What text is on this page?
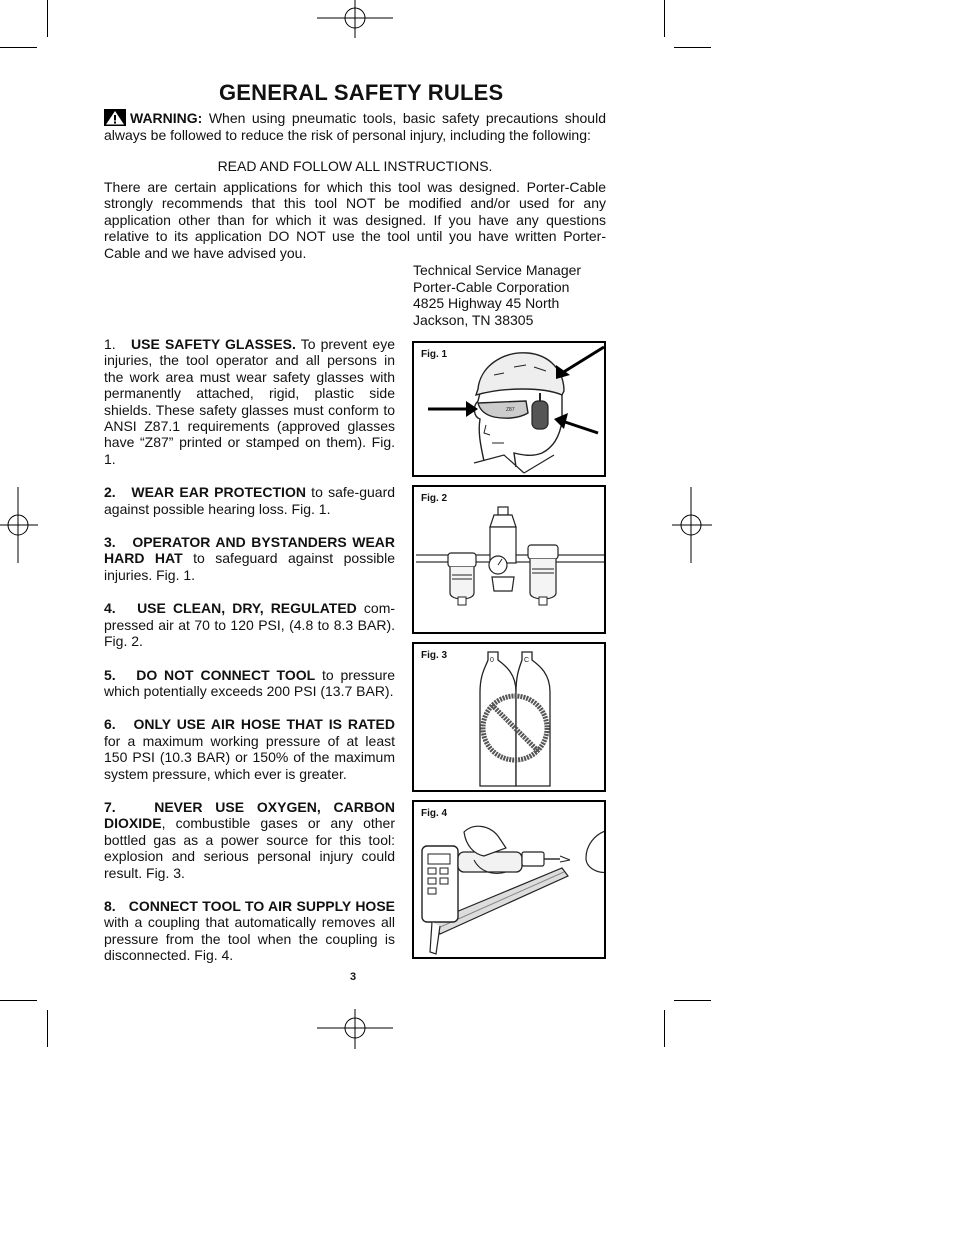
GENERAL SAFETY RULES
WARNING: When using pneumatic tools, basic safety precautions should always be followed to reduce the risk of personal injury, including the following:
READ AND FOLLOW ALL INSTRUCTIONS.
There are certain applications for which this tool was designed. Porter-Cable strongly recommends that this tool NOT be modified and/or used for any application other than for which it was designed. If you have any questions relative to its application DO NOT use the tool until you have written Porter-Cable and we have advised you.
Technical Service Manager
Porter-Cable Corporation
4825 Highway 45 North
Jackson, TN 38305
1. USE SAFETY GLASSES. To prevent eye injuries, the tool operator and all persons in the work area must wear safety glasses with permanently attached, rigid, plastic side shields. These safety glasses must conform to ANSI Z87.1 requirements (approved glasses have “Z87” printed or stamped on them). Fig. 1.
2. WEAR EAR PROTECTION to safe-guard against possible hearing loss. Fig. 1.
3. OPERATOR AND BYSTANDERS WEAR HARD HAT to safeguard against possible injuries. Fig. 1.
4. USE CLEAN, DRY, REGULATED com-pressed air at 70 to 120 PSI, (4.8 to 8.3 BAR). Fig. 2.
5. DO NOT CONNECT TOOL to pressure which potentially exceeds 200 PSI (13.7 BAR).
6. ONLY USE AIR HOSE THAT IS RATED for a maximum working pressure of at least 150 PSI (10.3 BAR) or 150% of the maximum system pressure, which ever is greater.
7.	NEVER USE OXYGEN, CARBON DIOXIDE, combustible gases or any other bottled gas as a power source for this tool: explosion and serious personal injury could result. Fig. 3.
8. CONNECT TOOL TO AIR SUPPLY HOSE with a coupling that automatically removes all pressure from the tool when the coupling is disconnected. Fig. 4.
Z87
Fig. 1
Fig. 2
0	C
Fig. 3
Fig. 4
3
